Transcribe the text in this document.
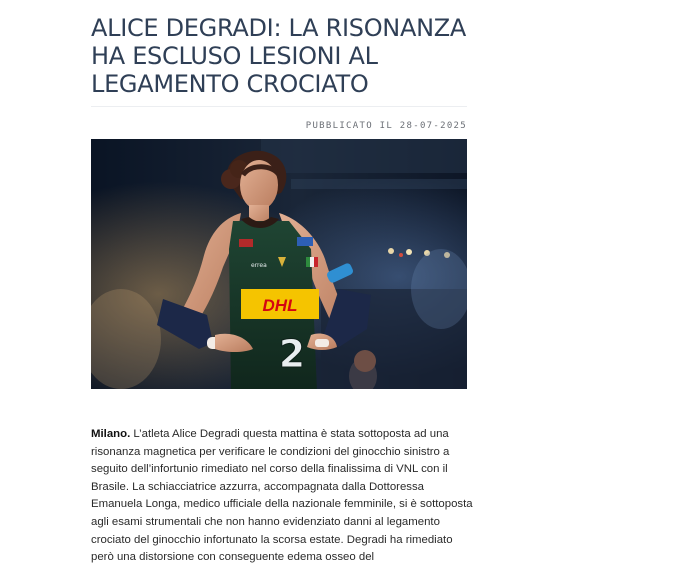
ALICE DEGRADI: LA RISONANZA HA ESCLUSO LESIONI AL LEGAMENTO CROCIATO
PUBBLICATO IL 28-07-2025
errea
DHL
2

Milano. L’atleta Alice Degradi questa mattina è stata sottoposta ad una risonanza magnetica per verificare le condizioni del ginocchio sinistro a seguito dell’infortunio rimediato nel corso della finalissima di VNL con il Brasile. La schiacciatrice azzurra, accompagnata dalla Dottoressa Emanuela Longa, medico ufficiale della nazionale femminile, si è sottoposta agli esami strumentali che non hanno evidenziato danni al legamento crociato del ginocchio infortunato la scorsa estate. Degradi ha rimediato però una distorsione con conseguente edema osseo del
